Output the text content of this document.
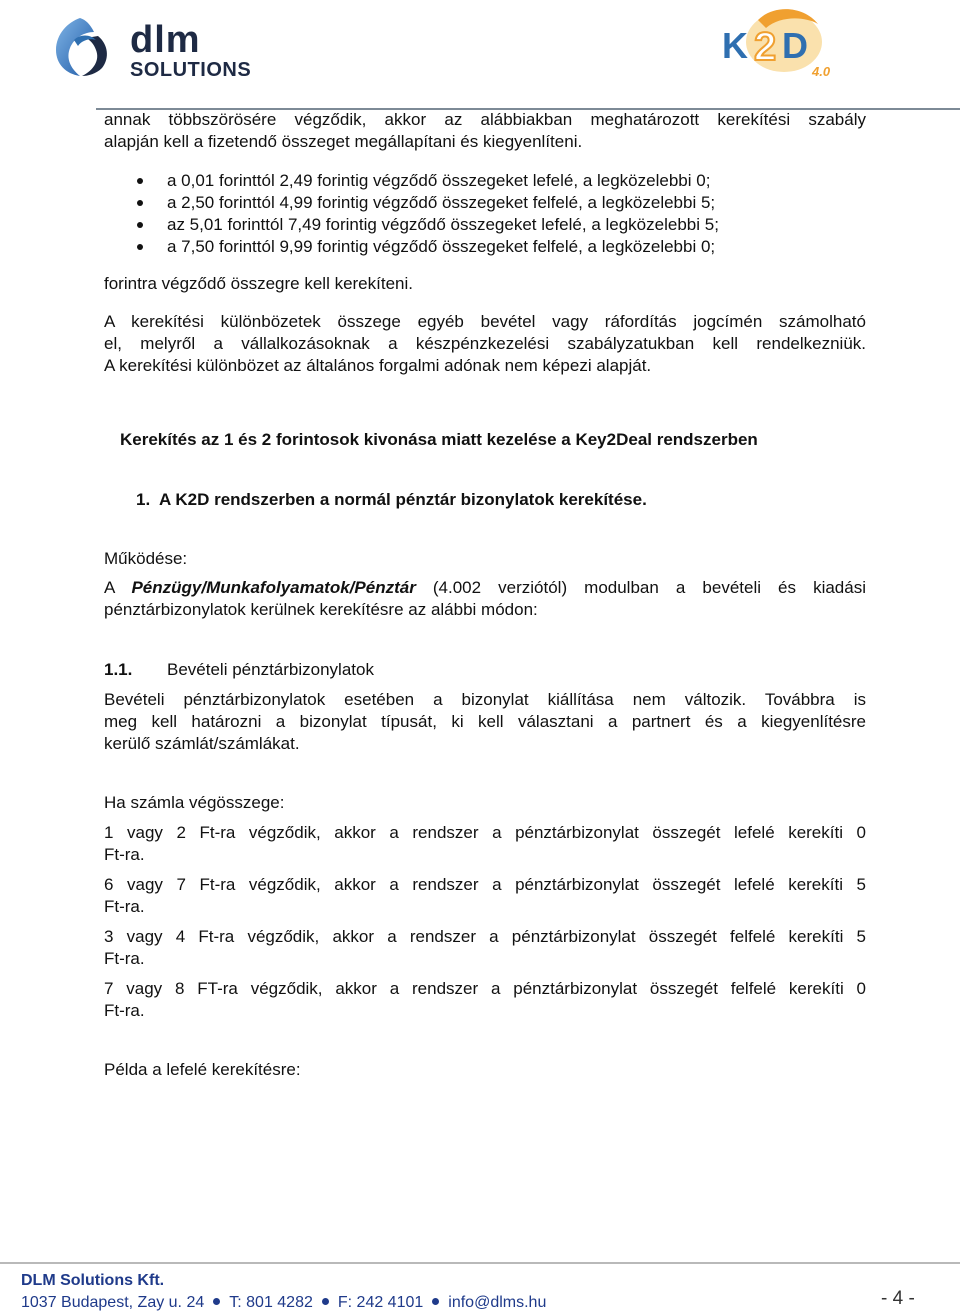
dlm
SOLUTIONS
K 2 D
4.0
annak többszörösére végződik, akkor az alábbiakban meghatározott kerekítési szabály
alapján kell a fizetendő összeget megállapítani és kiegyenlíteni.
a 0,01 forinttól 2,49 forintig végződő összegeket lefelé, a legközelebbi 0;
a 2,50 forinttól 4,99 forintig végződő összegeket felfelé, a legközelebbi 5;
az 5,01 forinttól 7,49 forintig végződő összegeket lefelé, a legközelebbi 5;
a 7,50 forinttól 9,99 forintig végződő összegeket felfelé, a legközelebbi 0;
forintra végződő összegre kell kerekíteni.
A kerekítési különbözetek összege egyéb bevétel vagy ráfordítás jogcímén számolható
el, melyről a vállalkozásoknak a készpénzkezelési szabályzatukban kell rendelkezniük.
A kerekítési különbözet az általános forgalmi adónak nem képezi alapját.
Kerekítés az 1 és 2 forintosok kivonása miatt kezelése a Key2Deal rendszerben
1.  A K2D rendszerben a normál pénztár bizonylatok kerekítése.
Működése:
A Pénzügy/Munkafolyamatok/Pénztár (4.002 verziótól) modulban a bevételi és kiadási
pénztárbizonylatok kerülnek kerekítésre az alábbi módon:
1.1. Bevételi pénztárbizonylatok
Bevételi pénztárbizonylatok esetében a bizonylat kiállítása nem változik. Továbbra is
meg kell határozni a bizonylat típusát, ki kell választani a partnert és a kiegyenlítésre
kerülő számlát/számlákat.
Ha számla végösszege:
1 vagy 2 Ft-ra végződik, akkor a rendszer a pénztárbizonylat összegét lefelé kerekíti 0
Ft-ra.
6 vagy 7 Ft-ra végződik, akkor a rendszer a pénztárbizonylat összegét lefelé kerekíti 5
Ft-ra.
3 vagy 4 Ft-ra végződik, akkor a rendszer a pénztárbizonylat összegét felfelé kerekíti 5
Ft-ra.
7 vagy 8 FT-ra végződik, akkor a rendszer a pénztárbizonylat összegét felfelé kerekíti 0
Ft-ra.
Példa a lefelé kerekítésre:
DLM Solutions Kft.
1037 Budapest, Zay u. 24 T: 801 4282 F: 242 4101 info@dlms.hu	- 4 -
